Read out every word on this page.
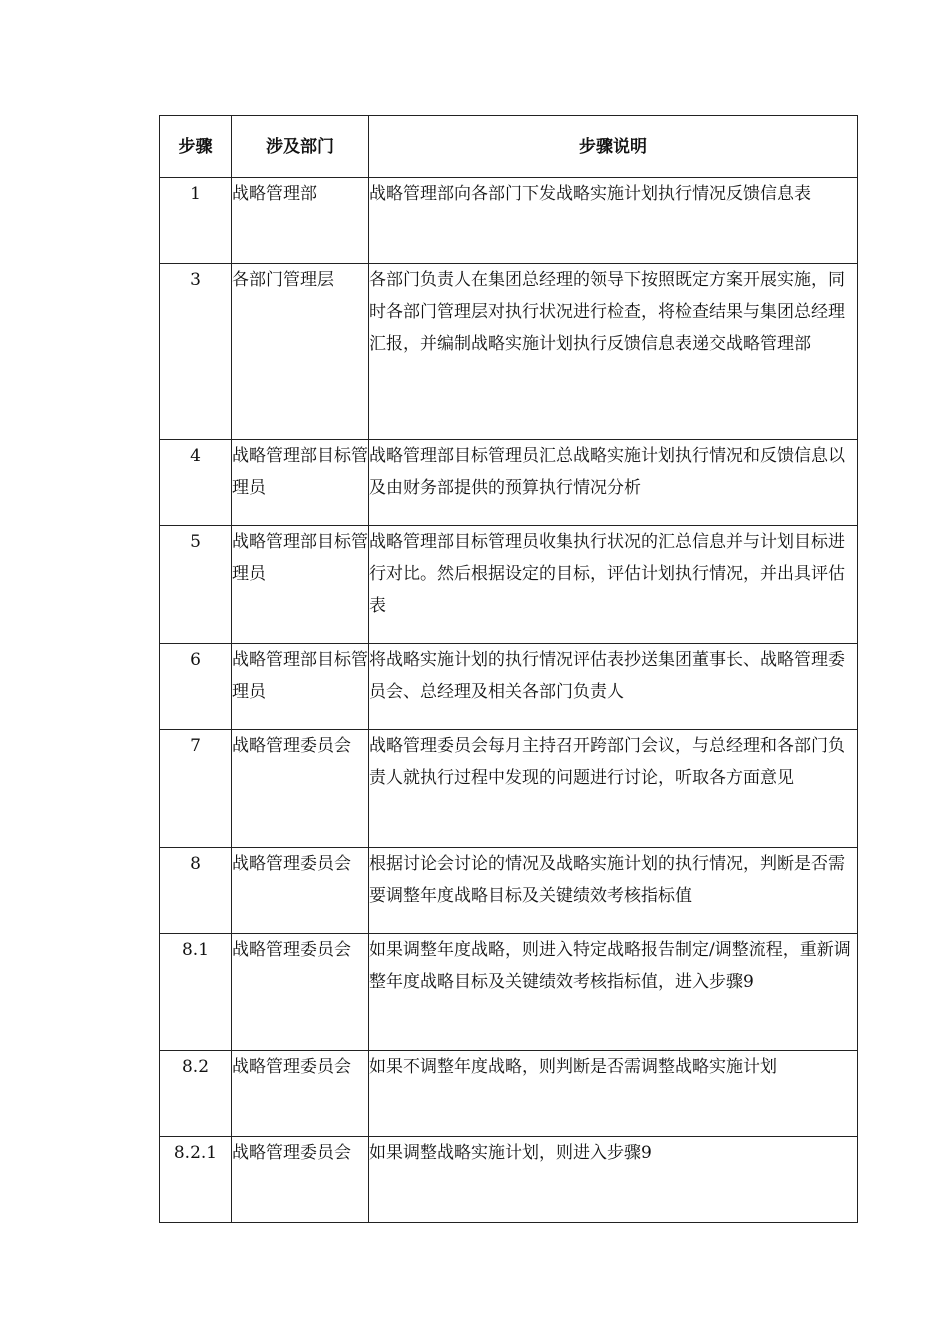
步骤	涉及部门	步骤说明
1	战略管理部	战略管理部向各部门下发战略实施计划执行情况反馈信息表
3	各部门管理层	各部门负责人在集团总经理的领导下按照既定方案开展实施，同时各部门管理层对执行状况进行检查，将检查结果与集团总经理汇报，并编制战略实施计划执行反馈信息表递交战略管理部
4	战略管理部目标管理员	战略管理部目标管理员汇总战略实施计划执行情况和反馈信息以及由财务部提供的预算执行情况分析
5	战略管理部目标管理员	战略管理部目标管理员收集执行状况的汇总信息并与计划目标进行对比。然后根据设定的目标，评估计划执行情况，并出具评估表
6	战略管理部目标管理员	将战略实施计划的执行情况评估表抄送集团董事长、战略管理委员会、总经理及相关各部门负责人
7	战略管理委员会	战略管理委员会每月主持召开跨部门会议，与总经理和各部门负责人就执行过程中发现的问题进行讨论，听取各方面意见
8	战略管理委员会	根据讨论会讨论的情况及战略实施计划的执行情况，判断是否需要调整年度战略目标及关键绩效考核指标值
8.1	战略管理委员会	如果调整年度战略，则进入特定战略报告制定/调整流程，重新调整年度战略目标及关键绩效考核指标值，进入步骤9
8.2	战略管理委员会	如果不调整年度战略，则判断是否需调整战略实施计划
8.2.1	战略管理委员会	如果调整战略实施计划，则进入步骤9
